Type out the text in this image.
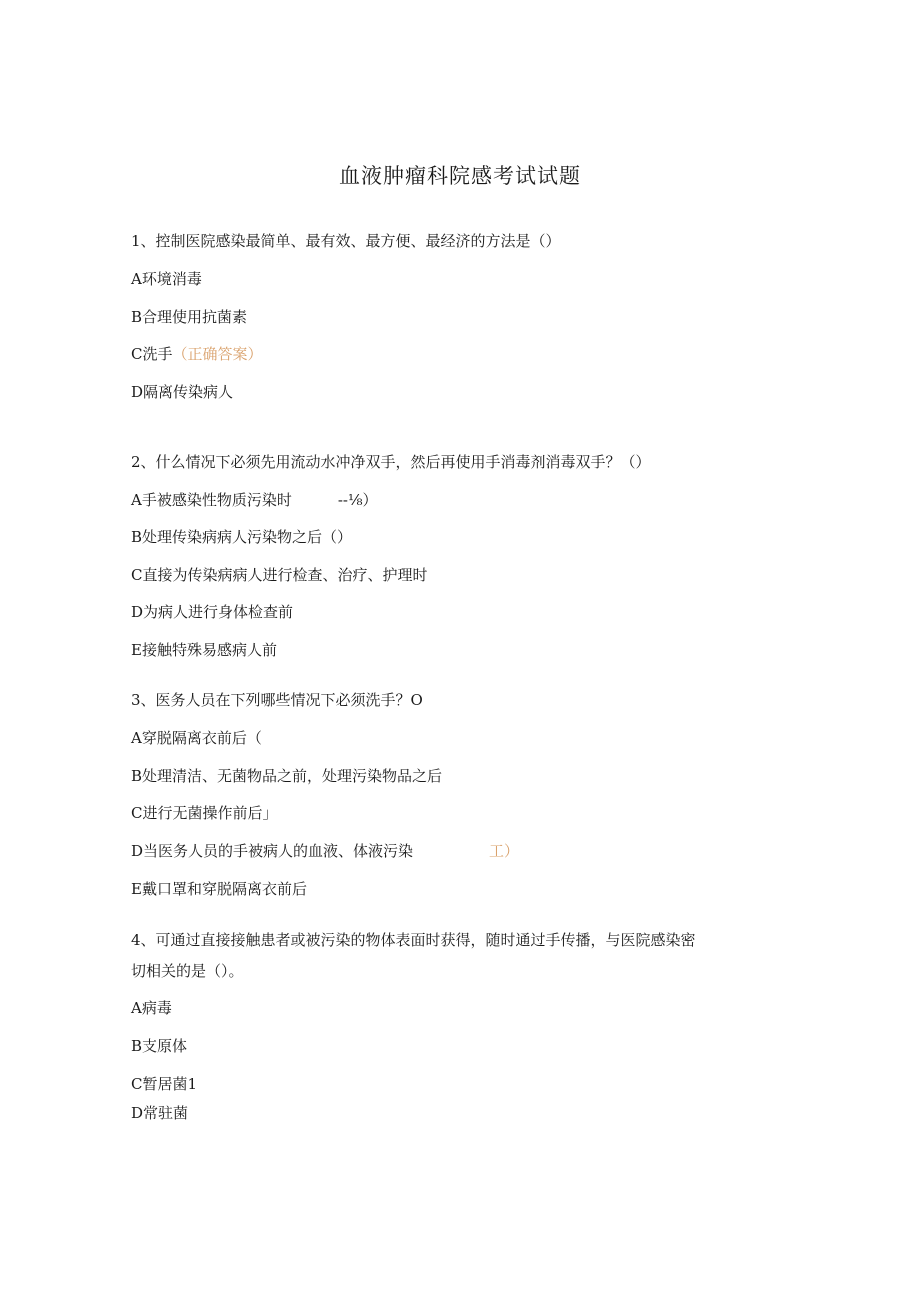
血液肿瘤科院感考试试题
1、控制医院感染最简单、最有效、最方便、最经济的方法是（）
A环境消毒
B合理使用抗菌素
C洗手（正确答案）
D隔离传染病人
2、什么情况下必须先用流动水冲净双手，然后再使用手消毒剂消毒双手？（）
A手被感染性物质污染时	--⅛）
B处理传染病病人污染物之后（）
C直接为传染病病人进行检查、治疗、护理时
D为病人进行身体检查前
E接触特殊易感病人前
3、医务人员在下列哪些情况下必须洗手？O
A穿脱隔离衣前后（
B处理清洁、无菌物品之前，处理污染物品之后
C进行无菌操作前后」
D当医务人员的手被病人的血液、体液污染	工）
E戴口罩和穿脱隔离衣前后
4、可通过直接接触患者或被污染的物体表面时获得，随时通过手传播，与医院感染密
切相关的是（）。
A病毒
B支原体
C暂居菌1
D常驻菌
